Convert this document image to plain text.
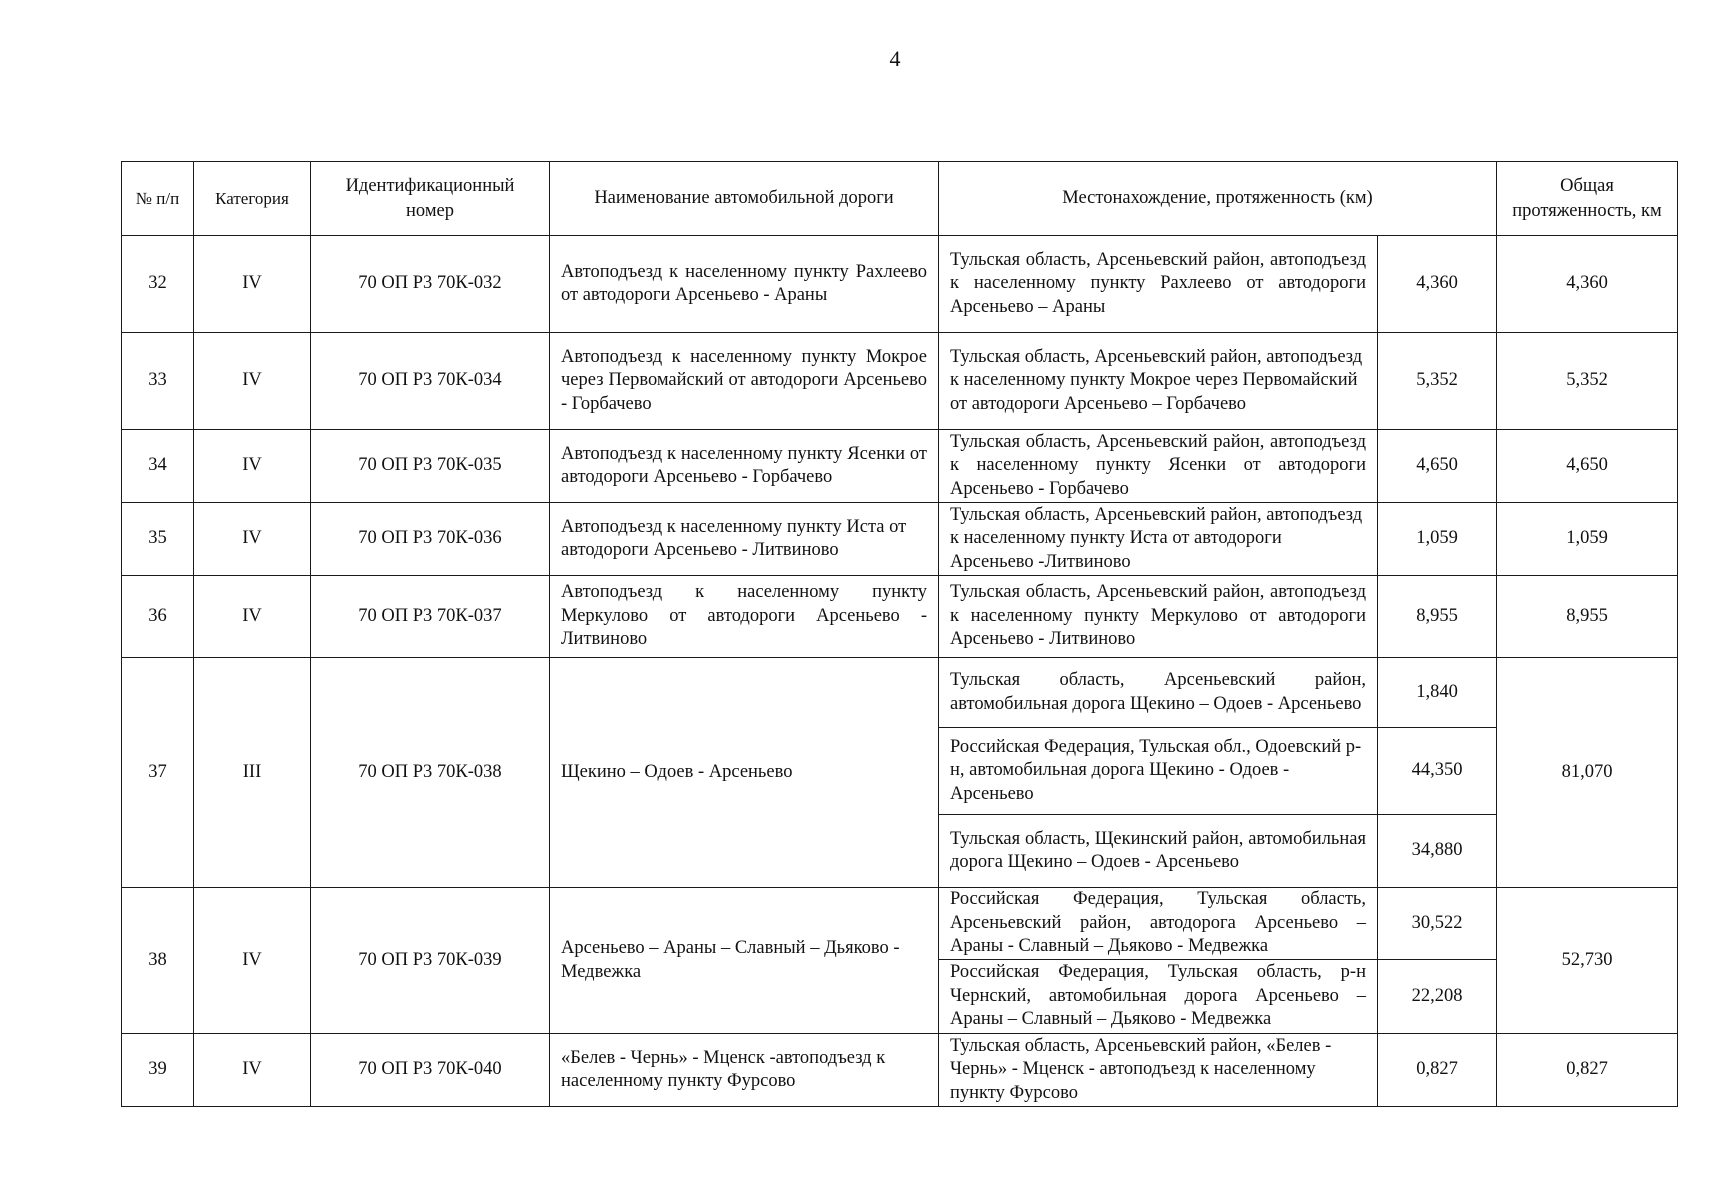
4
№ п/п	Категория	Идентификационный номер	Наименование автомобильной дороги	Местонахождение, протяженность (км)		Общая протяженность, км
32	IV	70 ОП Р3 70К-032	Автоподъезд к населенному пункту Рахлеево от автодороги Арсеньево - Араны	Тульская область, Арсеньевский район, автоподъезд к населенному пункту Рахлеево от автодороги Арсеньево – Араны	4,360	4,360
33	IV	70 ОП Р3 70К-034	Автоподъезд к населенному пункту Мокрое через Первомайский от автодороги Арсеньево - Горбачево	Тульская область, Арсеньевский район, автоподъезд к населенному пункту Мокрое через Первомайский от автодороги Арсеньево – Горбачево	5,352	5,352
34	IV	70 ОП Р3 70К-035	Автоподъезд к населенному пункту Ясенки от автодороги Арсеньево - Горбачево	Тульская область, Арсеньевский район, автоподъезд к населенному пункту Ясенки от автодороги Арсеньево - Горбачево	4,650	4,650
35	IV	70 ОП Р3 70К-036	Автоподъезд к населенному пункту Иста от автодороги Арсеньево - Литвиново	Тульская область, Арсеньевский район, автоподъезд к населенному пункту Иста от автодороги Арсеньево -Литвиново	1,059	1,059
36	IV	70 ОП Р3 70К-037	Автоподъезд к населенному пункту Меркулово от автодороги Арсеньево - Литвиново	Тульская область, Арсеньевский район, автоподъезд к населенному пункту Меркулово от автодороги Арсеньево - Литвиново	8,955	8,955
37	III	70 ОП Р3 70К-038	Щекино – Одоев - Арсеньево	Тульская область, Арсеньевский район, автомобильная дорога Щекино – Одоев - Арсеньево	1,840	81,070
				Российская Федерация, Тульская обл., Одоевский р-н, автомобильная дорога Щекино - Одоев - Арсеньево	44,350	
				Тульская область, Щекинский район, автомобильная дорога Щекино – Одоев - Арсеньево	34,880	
38	IV	70 ОП Р3 70К-039	Арсеньево – Араны – Славный – Дьяково - Медвежка	Российская Федерация, Тульская область, Арсеньевский район, автодорога Арсеньево – Араны - Славный – Дьяково - Медвежка	30,522	52,730
				Российская Федерация, Тульская область, р-н Чернский, автомобильная дорога Арсеньево – Араны – Славный – Дьяково - Медвежка	22,208	
39	IV	70 ОП Р3 70К-040	«Белев - Чернь» - Мценск -автоподъезд к населенному пункту Фурсово	Тульская область, Арсеньевский район, «Белев - Чернь» - Мценск - автоподъезд к населенному пункту Фурсово	0,827	0,827
